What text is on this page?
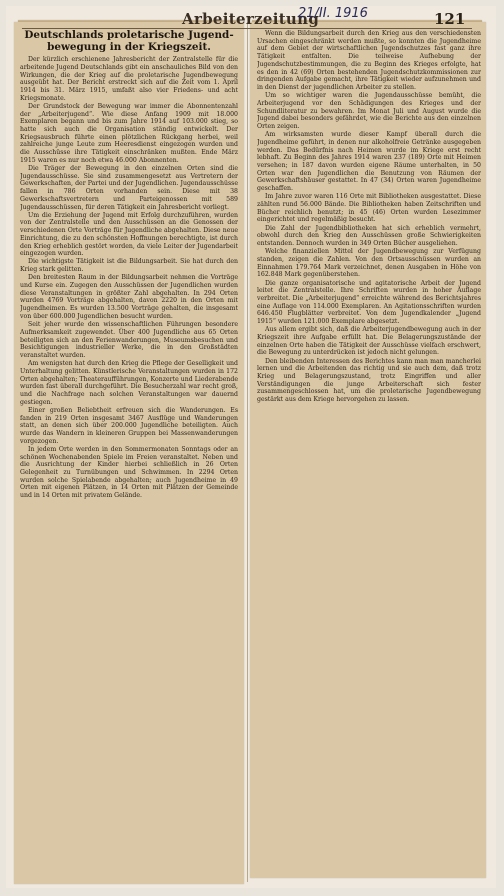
Arbeiterzeitung
21/II. 1916	121
Deutschlands proletarische Jugendbewegung in der Kriegszeit.

Der kürzlich erschienene Jahresbericht der Zentralstelle für die arbeitende Jugend Deutschlands gibt ein anschauliches Bild von den Wirkungen, die der Krieg auf die proletarische Jugendbewegung ausgeübt hat. Der Bericht erstreckt sich auf die Zeit vom 1. April 1914 bis 31. März 1915, umfaßt also vier Friedens- und acht Kriegsmonate.

Der Grundstock der Bewegung war immer die Abonnentenzahl der „Arbeiterjugend“. Wie diese Anfang 1909 mit 18.000 Exemplaren begann und bis zum Jahre 1914 auf 103.000 stieg, so hatte sich auch die Organisation ständig entwickelt. Der Kriegsausbruch führte einen plötzlichen Rückgang herbei, weil zahlreiche junge Leute zum Heeresdienst eingezogen wurden und die Ausschüsse ihre Tätigkeit einschränken mußten. Ende März 1915 waren es nur noch etwa 46.000 Abonnenten.

Die Träger der Bewegung in den einzelnen Orten sind die Jugendausschüsse. Sie sind zusammengesetzt aus Vertretern der Gewerkschaften, der Partei und der Jugendlichen. Jugendausschüsse fallen in 786 Orten vorhanden sein. Diese mit 38 Gewerkschaftsvertretern und Parteigenossen mit 589 Jugendausschüssen, für deren Tätigkeit ein Jahresbericht vorliegt.

Um die Erziehung der Jugend mit Erfolg durchzuführen, wurden von der Zentralstelle und den Ausschüssen an die Genossen der verschiedenen Orte Vorträge für Jugendliche abgehalten. Diese neue Einrichtung, die zu den schönsten Hoffnungen berechtigte, ist durch den Krieg erheblich gestört worden, da viele Leiter der Jugendarbeit eingezogen wurden.

Die wichtigste Tätigkeit ist die Bildungsarbeit. Sie hat durch den Krieg stark gelitten.

Den breitesten Raum in der Bildungsarbeit nehmen die Vorträge und Kurse ein. Zugegen den Ausschüssen der Jugendlichen wurden diese Veranstaltungen in größter Zahl abgehalten. In 294 Orten wurden 4769 Vorträge abgehalten, davon 2220 in den Orten mit Jugendheimen. Es wurden 13.500 Vorträge gehalten, die insgesamt von über 600.000 Jugendlichen besucht wurden.

Seit jeher wurde den wissenschaftlichen Führungen besondere Aufmerksamkeit zugewendet. Über 400 Jugendliche aus 65 Orten beteiligten sich an den Ferienwanderungen, Museumsbesuchen und Besichtigungen industrieller Werke, die in den Großstädten veranstaltet wurden.

Am wenigsten hat durch den Krieg die Pflege der Geselligkeit und Unterhaltung gelitten. Künstlerische Veranstaltungen wurden in 172 Orten abgehalten; Theateraufführungen, Konzerte und Liederabende wurden fast überall durchgeführt. Die Besucherzahl war recht groß, und die Nachfrage nach solchen Veranstaltungen war dauernd gestiegen.

Einer großen Beliebtheit erfreuen sich die Wanderungen. Es fanden in 219 Orten insgesamt 3467 Ausflüge und Wanderungen statt, an denen sich über 200.000 Jugendliche beteiligten. Auch wurde das Wandern in kleineren Gruppen bei Massenwanderungen vorgezogen.

In jedem Orte werden in den Sommermonaten Sonntags oder an schönen Wochenabenden Spiele im Freien veranstaltet. Neben und die Ausrichtung der Kinder hierbei schließlich in 26 Orten Gelegenheit zu Turnübungen und Schwimmen. In 2294 Orten wurden solche Spielabende abgehalten; auch Jugendheime in 49 Orten mit eigenen Plätzen, in 14 Orten mit Plätzen der Gemeinde und in 14 Orten mit privatem Gelände.

Wenn die Bildungsarbeit durch den Krieg aus den verschiedensten Ursachen eingeschränkt werden mußte, so konnten die Jugendheime auf dem Gebiet der wirtschaftlichen Jugendschutzes fast ganz ihre Tätigkeit entfalten. Die teilweise Aufhebung der Jugendschutzbestimmungen, die zu Beginn des Krieges erfolgte, hat es den in 42 (69) Orten bestehenden Jugendschutzkommissionen zur dringenden Aufgabe gemacht, ihre Tätigkeit wieder aufzunehmen und in den Dienst der jugendlichen Arbeiter zu stellen.

Um so wichtiger waren die Jugendausschüsse bemüht, die Arbeiterjugend vor den Schädigungen des Krieges und der Schundliteratur zu bewahren. Im Monat Juli und August wurde die Jugend dabei besonders gefährdet, wie die Berichte aus den einzelnen Orten zeigen.

Am wirksamsten wurde dieser Kampf überall durch die Jugendheime geführt, in denen nur alkoholfreie Getränke ausgegeben werden. Das Bedürfnis nach Heimen wurde im Kriege erst recht lebhaft. Zu Beginn des Jahres 1914 waren 237 (189) Orte mit Heimen versehen; in 187 davon wurden eigene Räume unterhalten, in 50 Orten war den Jugendlichen die Benutzung von Räumen der Gewerkschaftshäuser gestattet. In 47 (34) Orten waren Jugendheime geschaffen.

Im Jahre zuvor waren 116 Orte mit Bibliotheken ausgestattet. Diese zählten rund 56.000 Bände. Die Bibliotheken haben Zeitschriften und Bücher reichlich benutzt; in 45 (46) Orten wurden Lesezimmer eingerichtet und regelmäßig besucht.

Die Zahl der Jugendbibliotheken hat sich erheblich vermehrt, obwohl durch den Krieg den Ausschüssen große Schwierigkeiten entstanden. Dennoch wurden in 349 Orten Bücher ausgeliehen.

Welche finanziellen Mittel der Jugendbewegung zur Verfügung standen, zeigen die Zahlen. Von den Ortsausschüssen wurden an Einnahmen 179.764 Mark verzeichnet, denen Ausgaben in Höhe von 162.848 Mark gegenüberstehen.

Die ganze organisatorische und agitatorische Arbeit der Jugend leitet die Zentralstelle. Ihre Schriften wurden in hoher Auflage verbreitet. Die „Arbeiterjugend“ erreichte während des Berichtsjahres eine Auflage von 114.000 Exemplaren. An Agitationsschriften wurden 646.450 Flugblätter verbreitet. Von dem Jugendkalender „Jugend 1915“ wurden 121.000 Exemplare abgesetzt.

Aus allem ergibt sich, daß die Arbeiterjugendbewegung auch in der Kriegszeit ihre Aufgabe erfüllt hat. Die Belagerungszustände der einzelnen Orte haben die Tätigkeit der Ausschüsse vielfach erschwert, die Bewegung zu unterdrücken ist jedoch nicht gelungen.

Den bleibenden Interessen des Berichtes kann man man mancherlei lernen und die Arbeitenden das richtig und sie auch dem, daß trotz Krieg und Belagerungszustand, trotz Eingriffen und aller Verständigungen die junge Arbeiterschaft sich fester zusammengeschlossen hat, um die proletarische Jugendbewegung gestärkt aus dem Kriege hervorgehen zu lassen.
